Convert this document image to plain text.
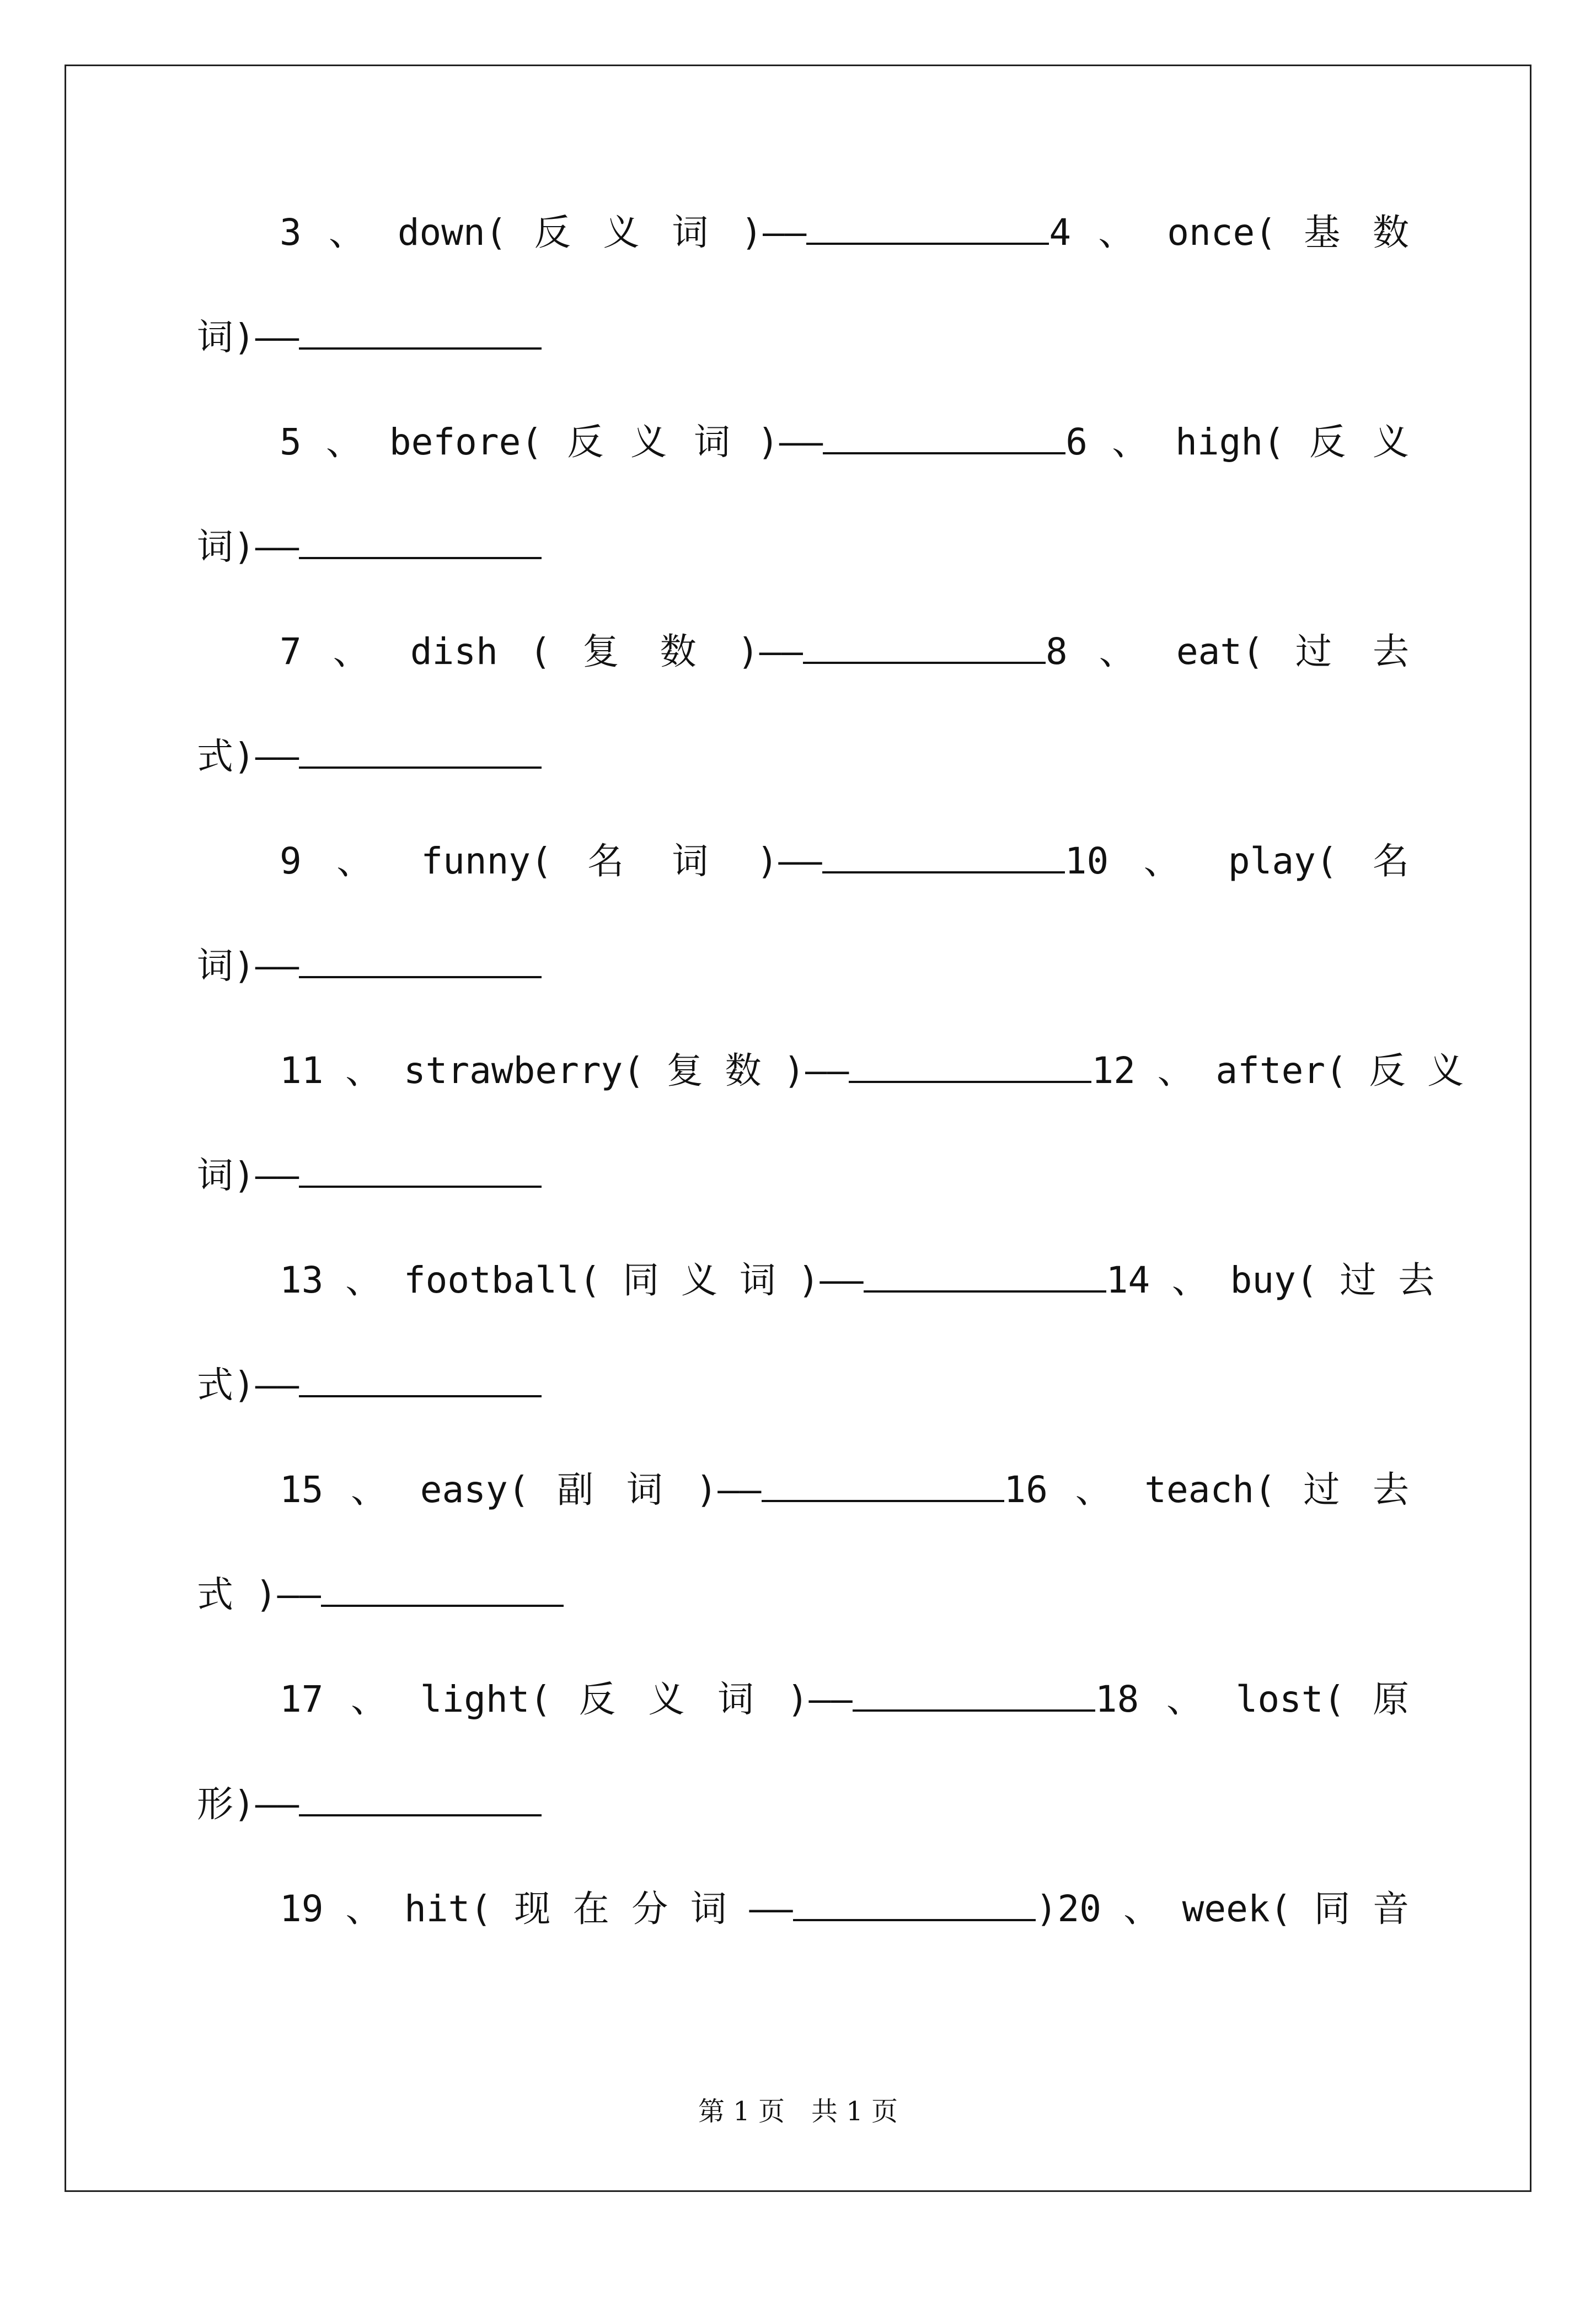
3 、 down( 反 义 词 )——	4 、 once( 基 数
词)——
5 、 before( 反 义 词 )——	6 、 high( 反 义
词)——
7 、 dish ( 复 数 )——	8 、 eat( 过 去
式)——
9 、 funny( 名 词 )——	10 、 play( 名
词)——
11 、 strawberry( 复 数 )——	12 、 after( 反 义
词)——
13 、 football( 同 义 词 )——	14 、 buy( 过 去
式)——
15 、 easy( 副 词 )——	16 、 teach( 过 去
式 )——
17 、 light( 反 义 词 )——	18 、 lost( 原
形)——
19 、 hit( 现 在 分 词 ——	)20 、 week( 同 音
第 1 页　共 1 页
